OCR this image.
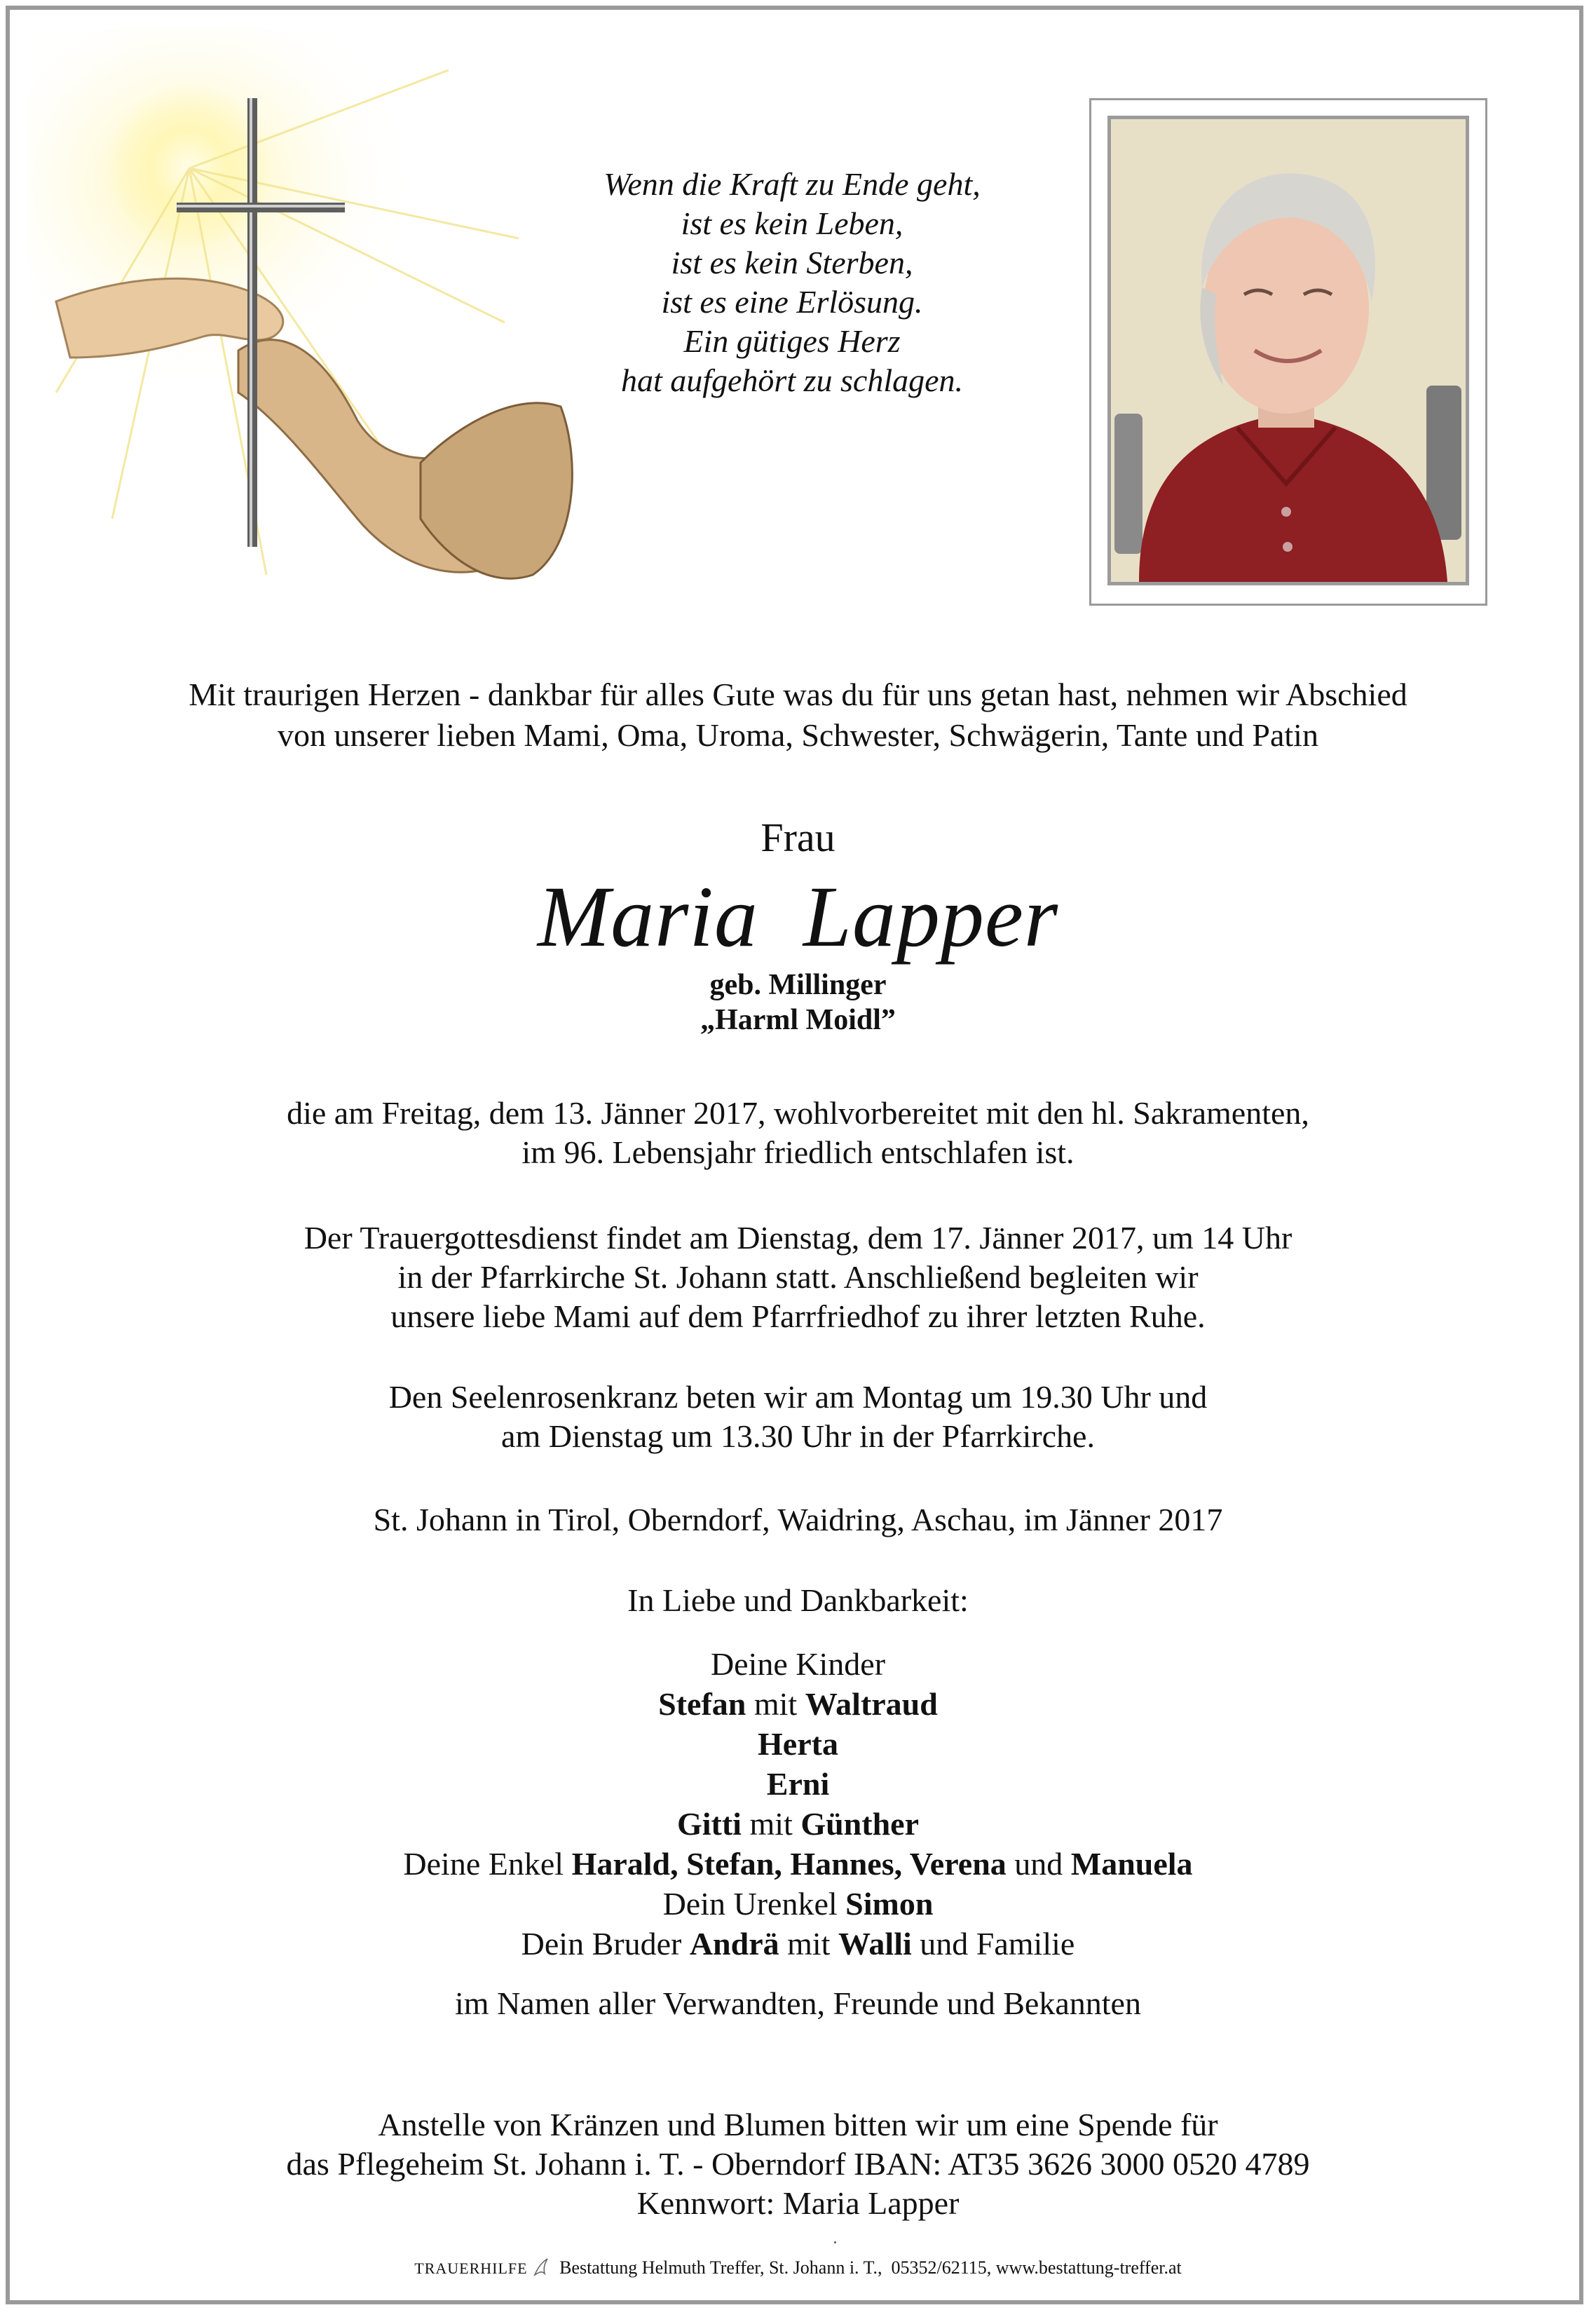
Wenn die Kraft zu Ende geht,
ist es kein Leben,
ist es kein Sterben,
ist es eine Erlösung.
Ein gütiges Herz
hat aufgehört zu schlagen.
Mit traurigen Herzen - dankbar für alles Gute was du für uns getan hast, nehmen wir Abschied
von unserer lieben Mami, Oma, Uroma, Schwester, Schwägerin, Tante und Patin
Frau
Maria  Lapper
geb. Millinger
„Harml Moidl”
die am Freitag, dem 13. Jänner 2017, wohlvorbereitet mit den hl. Sakramenten,
im 96. Lebensjahr friedlich entschlafen ist.
Der Trauergottesdienst findet am Dienstag, dem 17. Jänner 2017, um 14 Uhr
in der Pfarrkirche St. Johann statt. Anschließend begleiten wir
unsere liebe Mami auf dem Pfarrfriedhof zu ihrer letzten Ruhe.
Den Seelenrosenkranz beten wir am Montag um 19.30 Uhr und
am Dienstag um 13.30 Uhr in der Pfarrkirche.
St. Johann in Tirol, Oberndorf, Waidring, Aschau, im Jänner 2017
In Liebe und Dankbarkeit:
Deine Kinder
Stefan mit Waltraud
Herta
Erni
Gitti mit Günther
Deine Enkel Harald, Stefan, Hannes, Verena und Manuela
Dein Urenkel Simon
Dein Bruder Andrä mit Walli und Familie
im Namen aller Verwandten, Freunde und Bekannten
Anstelle von Kränzen und Blumen bitten wir um eine Spende für
das Pflegeheim St. Johann i. T. - Oberndorf IBAN: AT35 3626 3000 0520 4789
Kennwort: Maria Lapper
TRAUERHILFE   Bestattung Helmuth Treffer, St. Johann i. T.,  05352/62115, www.bestattung-treffer.at
